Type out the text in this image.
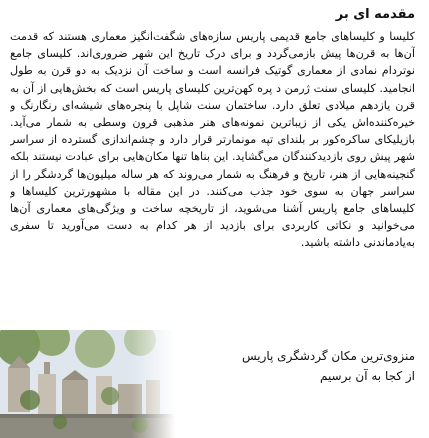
مقدمه ای بر

کلیسا و کلیساهای جامع قدیمی پاریس سازه‌های شگفت‌انگیز معماری هستند که قدمت آن‌ها به قرن‌ها پیش بازمی‌گردد و برای درک تاریخ این شهر ضروری‌اند. کلیسای جامع نوتردام نمادی از معماری گوتیک فرانسه است و ساخت آن نزدیک به دو قرن به طول انجامید. کلیسای سنت ژرمن د پره کهن‌ترین کلیسای پاریس است که بخش‌هایی از آن به قرن یازدهم میلادی تعلق دارد. ساختمان سنت شاپل با پنجره‌های شیشه‌ای رنگارنگ و خیره‌کننده‌اش یکی از زیباترین نمونه‌های هنر مذهبی قرون وسطی به شمار می‌آید. بازیلیکای ساکره‌کور بر بلندای تپه مونمارتر قرار دارد و چشم‌اندازی گسترده از سراسر شهر پیش روی بازدیدکنندگان می‌گشاید. این بناها تنها مکان‌هایی برای عبادت نیستند بلکه گنجینه‌هایی از هنر، تاریخ و فرهنگ به شمار می‌روند که هر ساله میلیون‌ها گردشگر را از سراسر جهان به سوی خود جذب می‌کنند. در این مقاله با مشهورترین کلیساها و کلیساهای جامع پاریس آشنا می‌شوید، از تاریخچه ساخت و ویژگی‌های معماری آن‌ها می‌خوانید و نکاتی کاربردی برای بازدید از هر کدام به دست می‌آورید تا سفری به‌یادماندنی داشته باشید.

منزوی‌ترین مکان گردشگری پاریس
از کجا به آن برسیم
